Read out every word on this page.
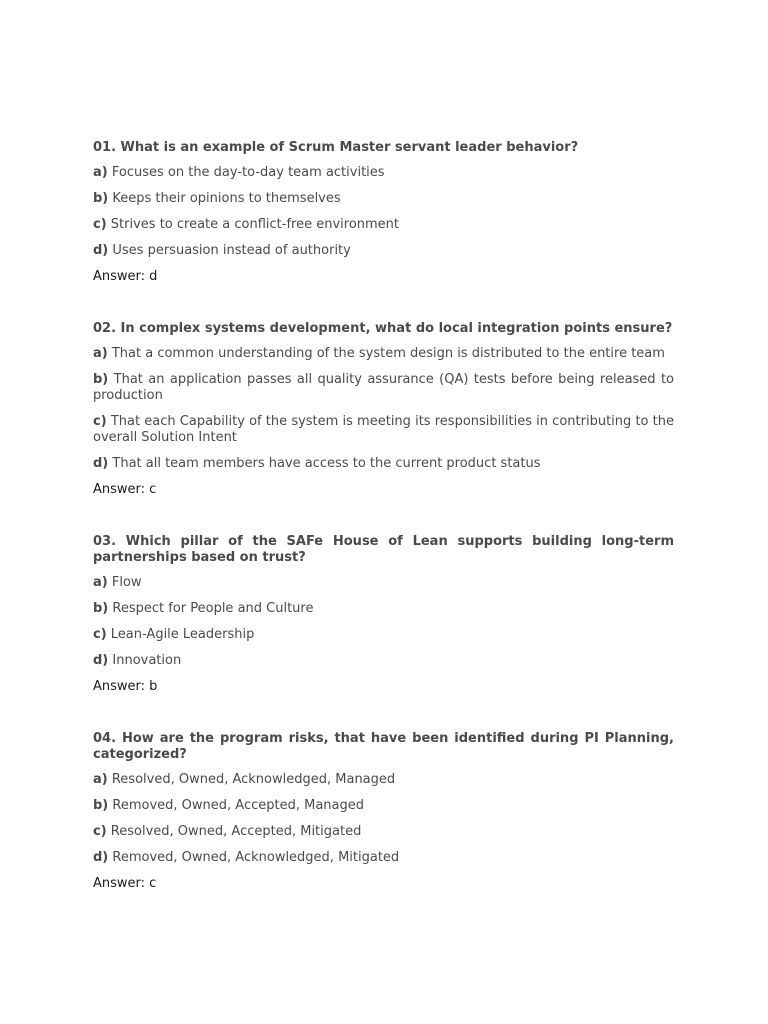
01. What is an example of Scrum Master servant leader behavior?

a) Focuses on the day-to-day team activities

b) Keeps their opinions to themselves

c) Strives to create a conflict-free environment

d) Uses persuasion instead of authority

Answer: d

02. In complex systems development, what do local integration points ensure?

a) That a common understanding of the system design is distributed to the entire team

b) That an application passes all quality assurance (QA) tests before being released to production

c) That each Capability of the system is meeting its responsibilities in contributing to the overall Solution Intent

d) That all team members have access to the current product status

Answer: c

03. Which pillar of the SAFe House of Lean supports building long-term partnerships based on trust?

a) Flow

b) Respect for People and Culture

c) Lean-Agile Leadership

d) Innovation

Answer: b

04. How are the program risks, that have been identified during PI Planning, categorized?

a) Resolved, Owned, Acknowledged, Managed

b) Removed, Owned, Accepted, Managed

c) Resolved, Owned, Accepted, Mitigated

d) Removed, Owned, Acknowledged, Mitigated

Answer: c
